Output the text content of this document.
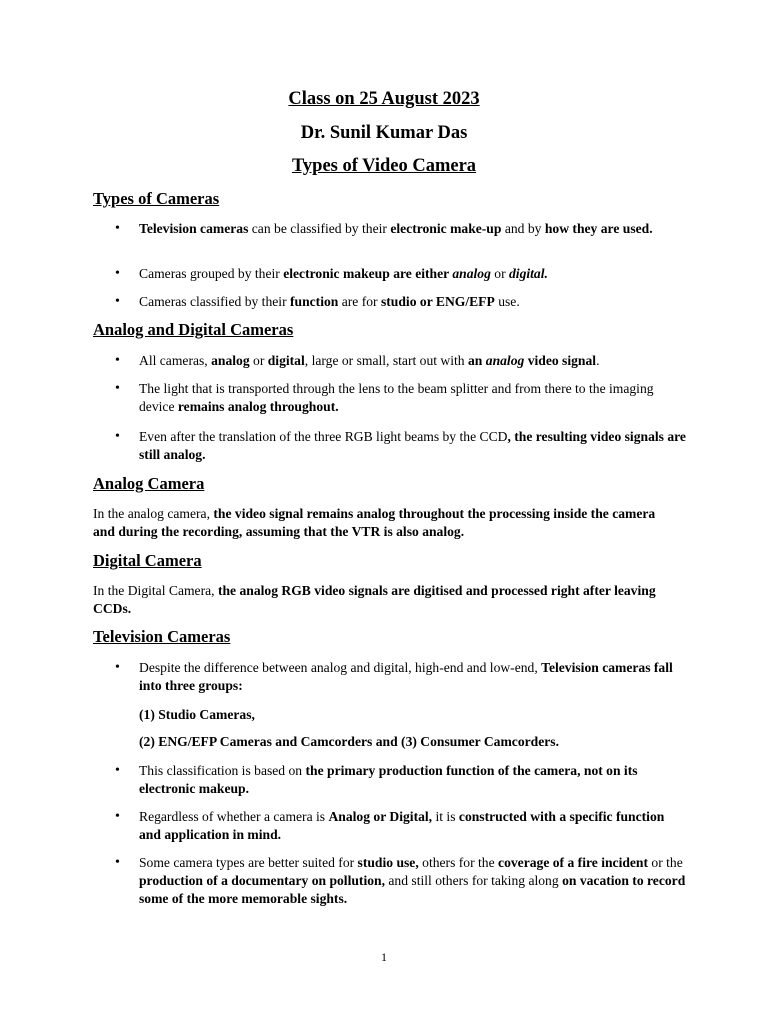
Class on 25 August 2023
Dr. Sunil Kumar Das
Types of Video Camera
Types of Cameras
• Television cameras can be classified by their electronic make-up and by how they are used.
• Cameras grouped by their electronic makeup are either analog or digital.
• Cameras classified by their function are for studio or ENG/EFP use.
Analog and Digital Cameras
• All cameras, analog or digital, large or small, start out with an analog video signal.
• The light that is transported through the lens to the beam splitter and from there to the imaging device remains analog throughout.
• Even after the translation of the three RGB light beams by the CCD, the resulting video signals are still analog.
Analog Camera
In the analog camera, the video signal remains analog throughout the processing inside the camera and during the recording, assuming that the VTR is also analog.
Digital Camera
In the Digital Camera, the analog RGB video signals are digitised and processed right after leaving CCDs.
Television Cameras
• Despite the difference between analog and digital, high-end and low-end, Television cameras fall into three groups:
(1) Studio Cameras,
(2) ENG/EFP Cameras and Camcorders and (3) Consumer Camcorders.
• This classification is based on the primary production function of the camera, not on its electronic makeup.
• Regardless of whether a camera is Analog or Digital, it is constructed with a specific function and application in mind.
• Some camera types are better suited for studio use, others for the coverage of a fire incident or the production of a documentary on pollution, and still others for taking along on vacation to record some of the more memorable sights.
1
